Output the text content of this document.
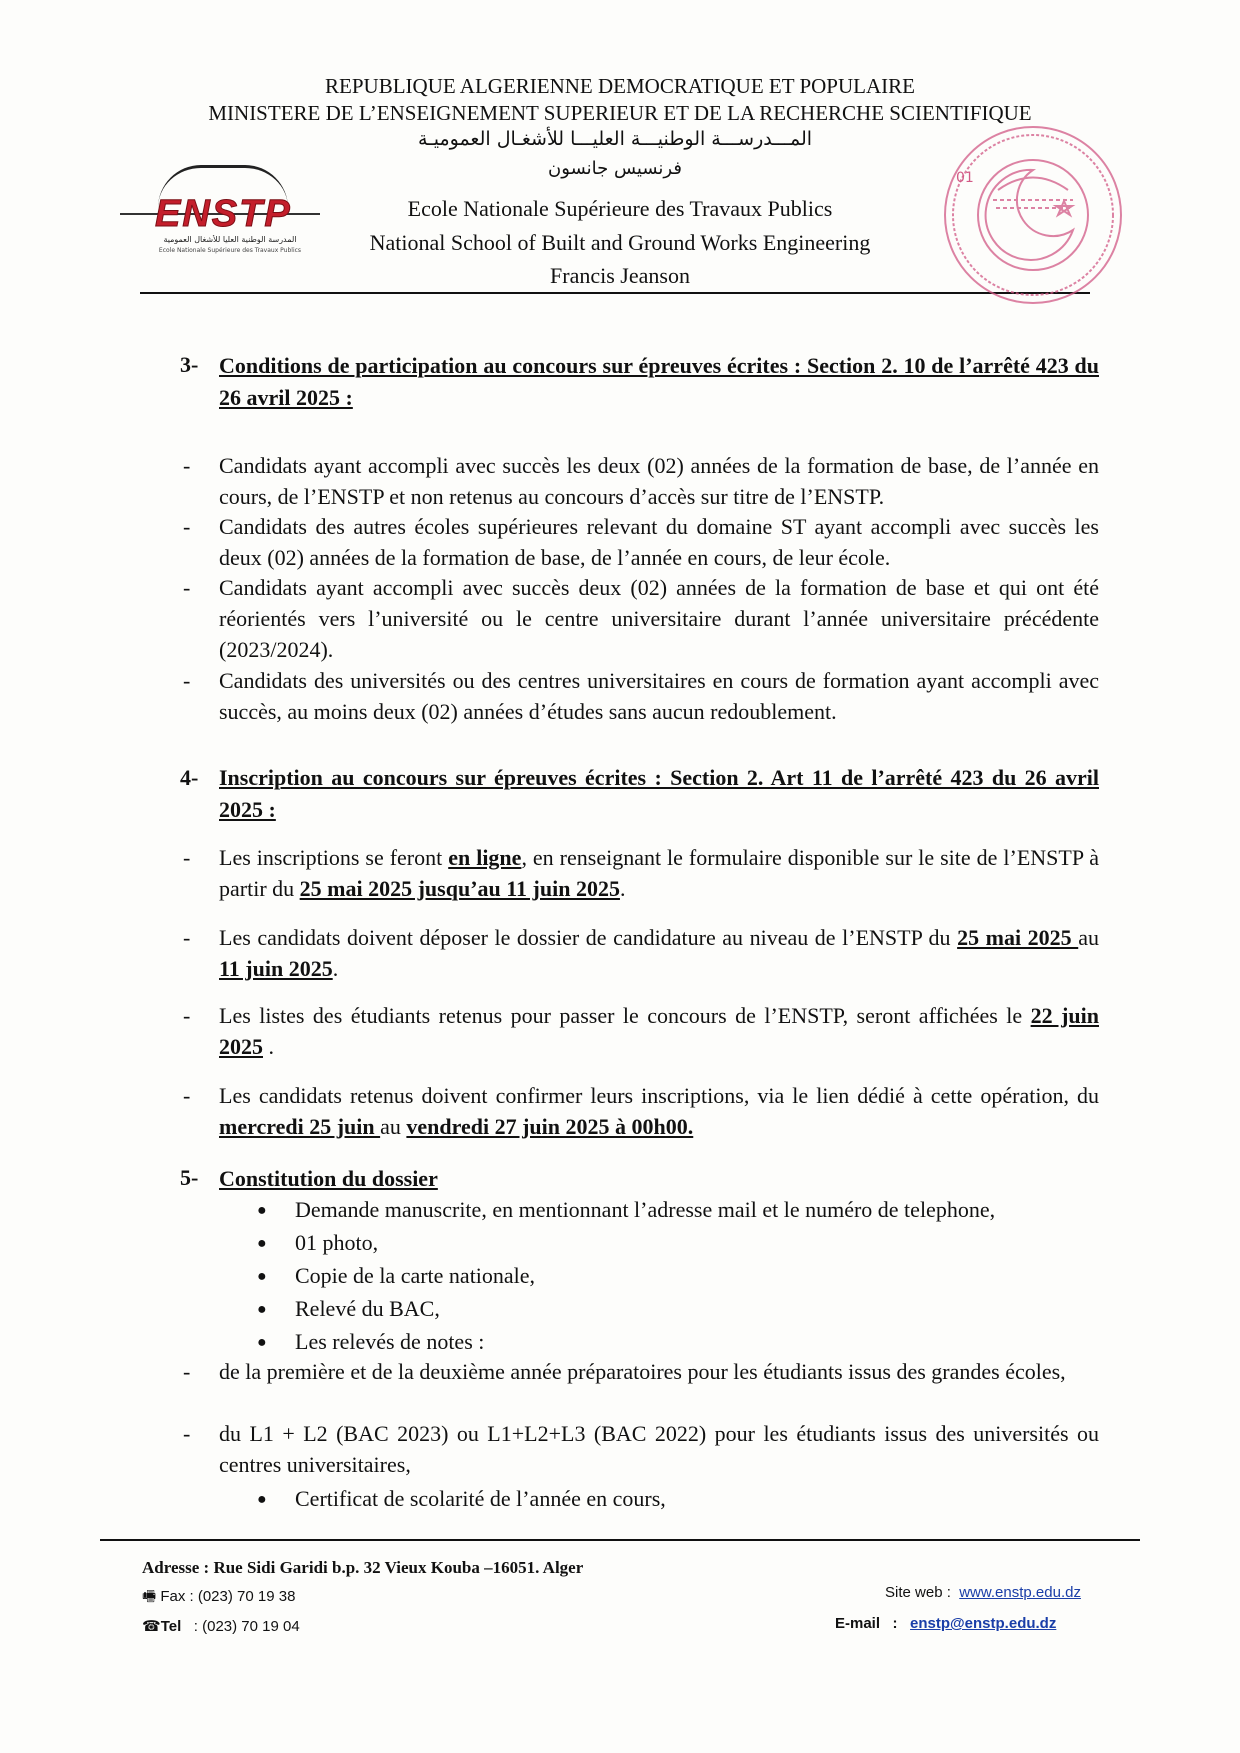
REPUBLIQUE ALGERIENNE DEMOCRATIQUE ET POPULAIRE
MINISTERE DE L’ENSEIGNEMENT SUPERIEUR ET DE LA RECHERCHE SCIENTIFIQUE
المـــدرســـة الوطنيـــة العليـــا للأشغـال العموميـة
فرنسيس جانسون
ENSTP
المدرسة الوطنية العليا للأشغال العمومية
Ecole Nationale Supérieure des Travaux Publics
Ecole Nationale Supérieure des Travaux Publics
National School of Built and Ground Works Engineering
Francis Jeanson
01
3- Conditions de participation au concours sur épreuves écrites : Section 2. 10 de l’arrêté 423 du 26 avril 2025 :
- Candidats ayant accompli avec succès les deux (02) années de la formation de base, de l’année en cours, de l’ENSTP et non retenus au concours d’accès sur titre de l’ENSTP.
- Candidats des autres écoles supérieures relevant du domaine ST ayant accompli avec succès les deux (02) années de la formation de base, de l’année en cours, de leur école.
- Candidats ayant accompli avec succès deux (02) années de la formation de base et qui ont été réorientés vers l’université ou le centre universitaire durant l’année universitaire précédente (2023/2024).
- Candidats des universités ou des centres universitaires en cours de formation ayant accompli avec succès, au moins deux (02) années d’études sans aucun redoublement.
4- Inscription au concours sur épreuves écrites : Section 2. Art 11 de l’arrêté 423 du 26 avril 2025 :
- Les inscriptions se feront en ligne, en renseignant le formulaire disponible sur le site de l’ENSTP à partir du 25 mai 2025 jusqu’au 11 juin 2025.
- Les candidats doivent déposer le dossier de candidature au niveau de l’ENSTP du 25 mai 2025 au 11 juin 2025.
- Les listes des étudiants retenus pour passer le concours de l’ENSTP, seront affichées le 22 juin 2025 .
- Les candidats retenus doivent confirmer leurs inscriptions, via le lien dédié à cette opération, du mercredi 25 juin au vendredi 27 juin 2025 à 00h00.
5- Constitution du dossier
● Demande manuscrite, en mentionnant l’adresse mail et le numéro de telephone,
● 01 photo,
● Copie de la carte nationale,
● Relevé du BAC,
● Les relevés de notes :
- de la première et de la deuxième année préparatoires pour les étudiants issus des grandes écoles,
- du L1 + L2 (BAC 2023) ou L1+L2+L3 (BAC 2022) pour les étudiants issus des universités ou centres universitaires,
● Certificat de scolarité de l’année en cours,
Adresse : Rue Sidi Garidi b.p. 32 Vieux Kouba –16051. Alger
🖷 Fax : (023) 70 19 38
☎Tel : (023) 70 19 04
Site web : www.enstp.edu.dz
E-mail : enstp@enstp.edu.dz
